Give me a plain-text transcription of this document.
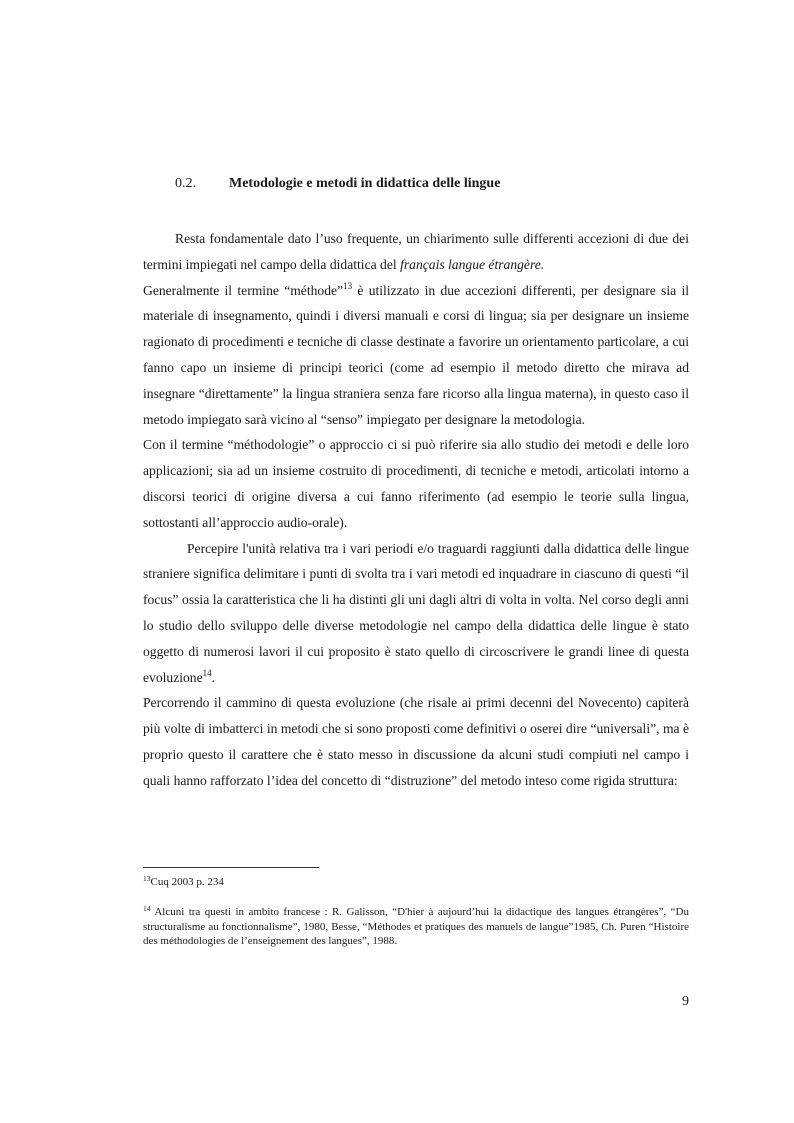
0.2. Metodologie e metodi in didattica delle lingue

Resta fondamentale dato l’uso frequente, un chiarimento sulle differenti accezioni di due dei termini impiegati nel campo della didattica del français langue étrangère.

Generalmente il termine “méthode”$^{13}$ è utilizzato in due accezioni differenti, per designare sia il materiale di insegnamento, quindi i diversi manuali e corsi di lingua; sia per designare un insieme ragionato di procedimenti e tecniche di classe destinate a favorire un orientamento particolare, a cui fanno capo un insieme di principi teorici (come ad esempio il metodo diretto che mirava ad insegnare “direttamente” la lingua straniera senza fare ricorso alla lingua materna), in questo caso il metodo impiegato sarà vicino al “senso” impiegato per designare la metodologia.

Con il termine “méthodologie” o approccio ci si può riferire sia allo studio dei metodi e delle loro applicazioni; sia ad un insieme costruito di procedimenti, di tecniche e metodi, articolati intorno a discorsi teorici di origine diversa a cui fanno riferimento (ad esempio le teorie sulla lingua, sottostanti all’approccio audio-orale).

Percepire l'unità relativa tra i vari periodi e/o traguardi raggiunti dalla didattica delle lingue straniere significa delimitare i punti di svolta tra i vari metodi ed inquadrare in ciascuno di questi “il focus” ossia la caratteristica che li ha distinti gli uni dagli altri di volta in volta. Nel corso degli anni lo studio dello sviluppo delle diverse metodologie nel campo della didattica delle lingue è stato oggetto di numerosi lavori il cui proposito è stato quello di circoscrivere le grandi linee di questa evoluzione$^{14}$.

Percorrendo il cammino di questa evoluzione (che risale ai primi decenni del Novecento) capiterà più volte di imbatterci in metodi che si sono proposti come definitivi o oserei dire “universali”, ma è proprio questo il carattere che è stato messo in discussione da alcuni studi compiuti nel campo i quali hanno rafforzato l’idea del concetto di “distruzione” del metodo inteso come rigida struttura:

$^{13}$Cuq 2003 p. 234
$^{14}$ Alcuni tra questi in ambito francese : R. Galisson, “D'hier à aujourd’hui la didactique des langues étrangères”, “Du structuralisme au fonctionnalisme”, 1980, Besse, “Méthodes et pratiques des manuels de langue”1985, Ch. Puren “Histoire des méthodologies de l’enseignement des langues”, 1988.
9
